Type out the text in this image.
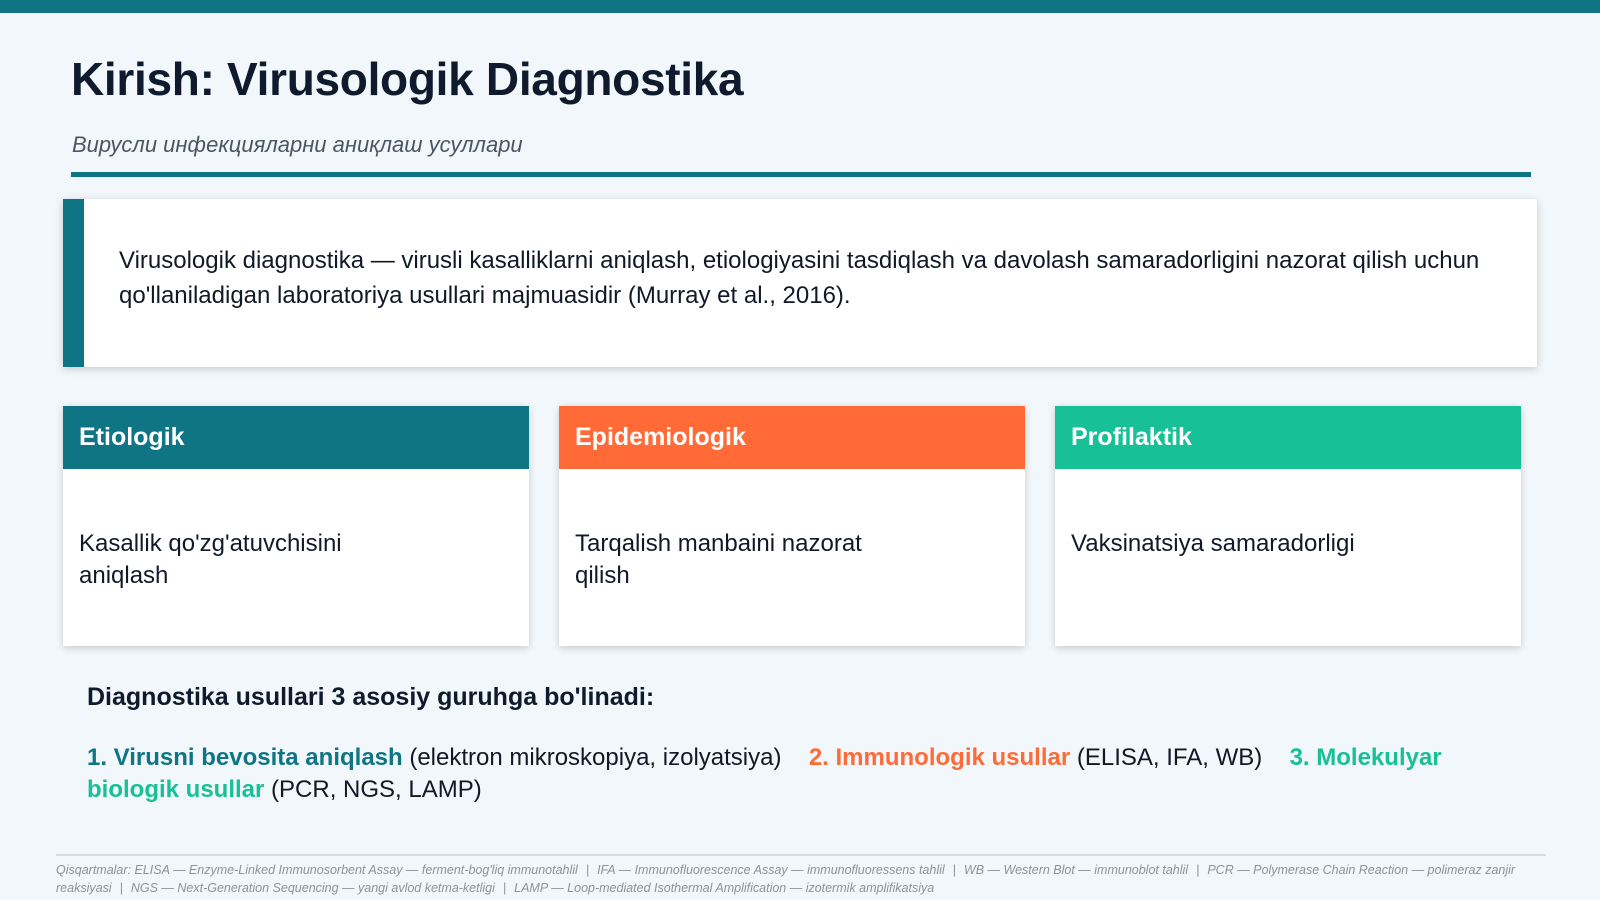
Kirish: Virusologik Diagnostika
Вирусли инфекцияларни аниқлаш усуллари
Virusologik diagnostika — virusli kasalliklarni aniqlash, etiologiyasini tasdiqlash va davolash samaradorligini nazorat qilish uchun qo'llaniladigan laboratoriya usullari majmuasidir (Murray et al., 2016).
Etiologik
Kasallik qo'zg'atuvchisini aniqlash
Epidemiologik
Tarqalish manbaini nazorat qilish
Profilaktik
Vaksinatsiya samaradorligi
Diagnostika usullari 3 asosiy guruhga bo'linadi:
1. Virusni bevosita aniqlash (elektron mikroskopiya, izolyatsiya) 2. Immunologik usullar (ELISA, IFA, WB) 3. Molekulyar biologik usullar (PCR, NGS, LAMP)
Qisqartmalar: ELISA — Enzyme-Linked Immunosorbent Assay — ferment-bog'liq immunotahlil | IFA — Immunofluorescence Assay — immunofluoressens tahlil | WB — Western Blot — immunoblot tahlil | PCR — Polymerase Chain Reaction — polimeraz zanjir reaksiyasi | NGS — Next-Generation Sequencing — yangi avlod ketma-ketligi | LAMP — Loop-mediated Isothermal Amplification — izotermik amplifikatsiya
